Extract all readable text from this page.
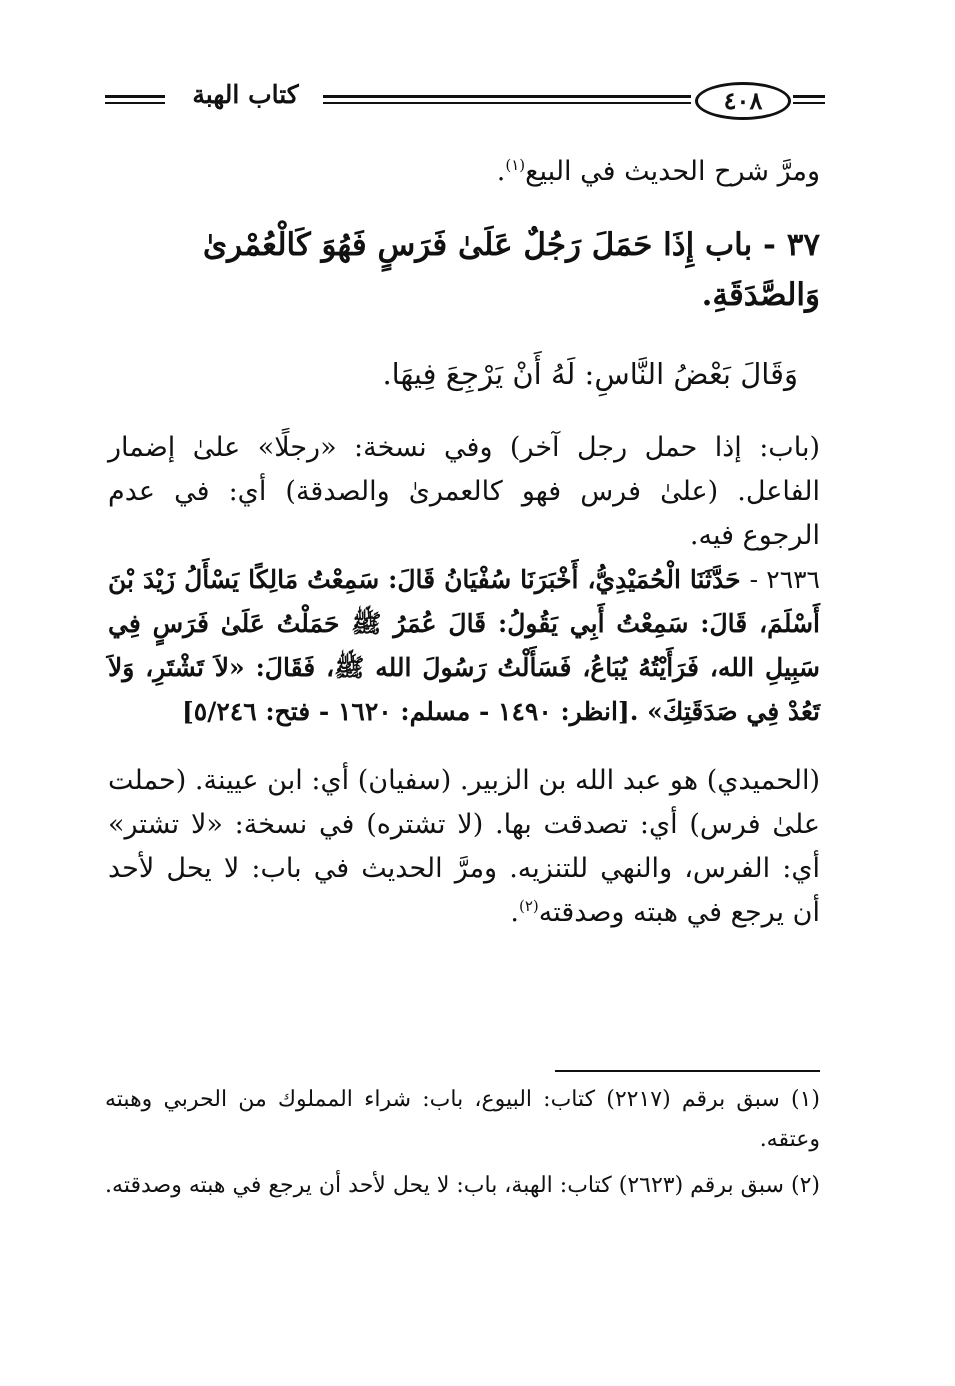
كتاب الهبة	٤٠٨

ومرَّ شرح الحديث في البيع$^{(١)}$.

٣٧ - باب إِذَا حَمَلَ رَجُلٌ عَلَىٰ فَرَسٍ فَهُوَ كَالْعُمْرىٰ وَالصَّدَقَةِ.

وَقَالَ بَعْضُ النَّاسِ: لَهُ أَنْ يَرْجِعَ فِيهَا.

(باب: إذا حمل رجل آخر) وفي نسخة: «رجلًا» علىٰ إضمار الفاعل. (علىٰ فرس فهو كالعمرىٰ والصدقة) أي: في عدم الرجوع فيه.

٢٦٣٦ - حَدَّثَنَا الْحُمَيْدِيُّ، أَخْبَرَنَا سُفْيَانُ قَالَ: سَمِعْتُ مَالِكًا يَسْأَلُ زَيْدَ بْنَ أَسْلَمَ، قَالَ: سَمِعْتُ أَبِي يَقُولُ: قَالَ عُمَرُ ﷺ حَمَلْتُ عَلَىٰ فَرَسٍ فِي سَبِيلِ الله، فَرَأَيْتُهُ يُبَاعُ، فَسَأَلْتُ رَسُولَ الله ﷺ، فَقَالَ: «لاَ تَشْتَرِ، وَلاَ تَعُدْ فِي صَدَقَتِكَ» .[انظر: ١٤٩٠ - مسلم: ١٦٢٠ - فتح: ٥/٢٤٦]

(الحميدي) هو عبد الله بن الزبير. (سفيان) أي: ابن عيينة. (حملت علىٰ فرس) أي: تصدقت بها. (لا تشتره) في نسخة: «لا تشتر» أي: الفرس، والنهي للتنزيه. ومرَّ الحديث في باب: لا يحل لأحد أن يرجع في هبته وصدقته$^{(٢)}$.

(١) سبق برقم (٢٢١٧) كتاب: البيوع، باب: شراء المملوك من الحربي وهبته وعتقه.

(٢) سبق برقم (٢٦٢٣) كتاب: الهبة، باب: لا يحل لأحد أن يرجع في هبته وصدقته.
